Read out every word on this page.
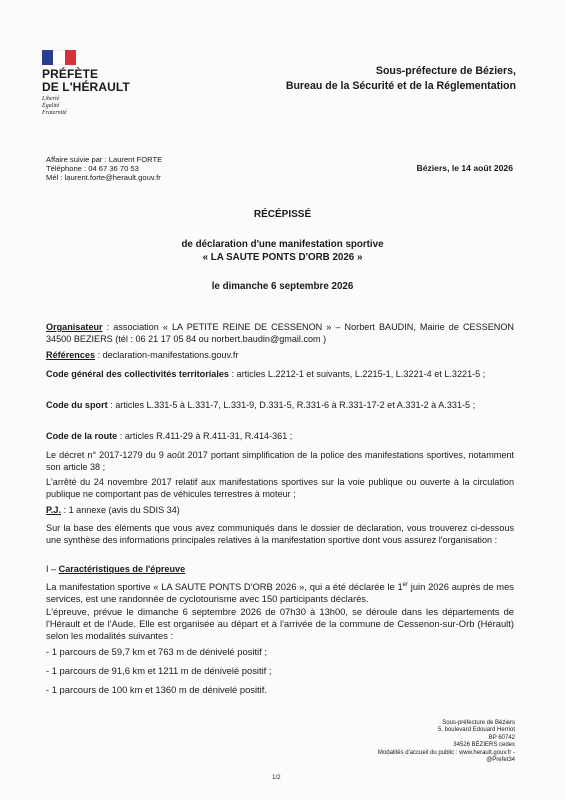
PRÉFÈTE
DE L'HÉRAULT
Liberté
Égalité
Fraternité
Sous-préfecture de Béziers,
Bureau de la Sécurité et de la Réglementation
Affaire suivie par : Laurent FORTE
Téléphone : 04 67 36 70 53
Mél : laurent.forte@herault.gouv.fr
Béziers, le 14 août 2026
RÉCÉPISSÉ
de déclaration d'une manifestation sportive
« LA SAUTE PONTS D'ORB 2026 »
le dimanche 6 septembre 2026

Organisateur : association « LA PETITE REINE DE CESSENON » – Norbert BAUDIN, Mairie de CESSENON 34500 BEZIERS (tél : 06 21 17 05 84 ou norbert.baudin@gmail.com )

Références : declaration-manifestations.gouv.fr

Code général des collectivités territoriales : articles L.2212-1 et suivants, L.2215-1, L.3221-4 et L.3221-5 ;

Code du sport : articles L.331-5 à L.331-7, L.331-9, D.331-5, R.331-6 à R.331-17-2 et A.331-2 à A.331-5 ;

Code de la route : articles R.411-29 à R.411-31, R.414-361 ;

Le décret n° 2017-1279 du 9 août 2017 portant simplification de la police des manifestations sportives, notamment son article 38 ;

L'arrêté du 24 novembre 2017 relatif aux manifestations sportives sur la voie publique ou ouverte à la circulation publique ne comportant pas de véhicules terrestres à moteur ;

P.J. : 1 annexe (avis du SDIS 34)

Sur la base des éléments que vous avez communiqués dans le dossier de déclaration, vous trouverez ci-dessous une synthèse des informations principales relatives à la manifestation sportive dont vous assurez l'organisation :

I – Caractéristiques de l'épreuve

La manifestation sportive « LA SAUTE PONTS D'ORB 2026 », qui a été déclarée le 1er juin 2026 auprès de mes services, est une randonnée de cyclotourisme avec 150 participants déclarés.

L'épreuve, prévue le dimanche 6 septembre 2026 de 07h30 à 13h00, se déroule dans les départements de l'Hérault et de l'Aude. Elle est organisée au départ et à l'arrivée de la commune de Cessenon-sur-Orb (Hérault) selon les modalités suivantes :

- 1 parcours de 59,7 km et 763 m de dénivelé positif ;

- 1 parcours de 91,6 km et 1211 m de dénivelé positif ;

- 1 parcours de 100 km et 1360 m de dénivelé positif.

Sous-préfecture de Béziers
5, boulevard Edouard Herriot
BP 60742
34526 BÉZIERS cedex
Modalités d'accueil du public : www.herault.gouv.fr -
@Prefet34
1/2
